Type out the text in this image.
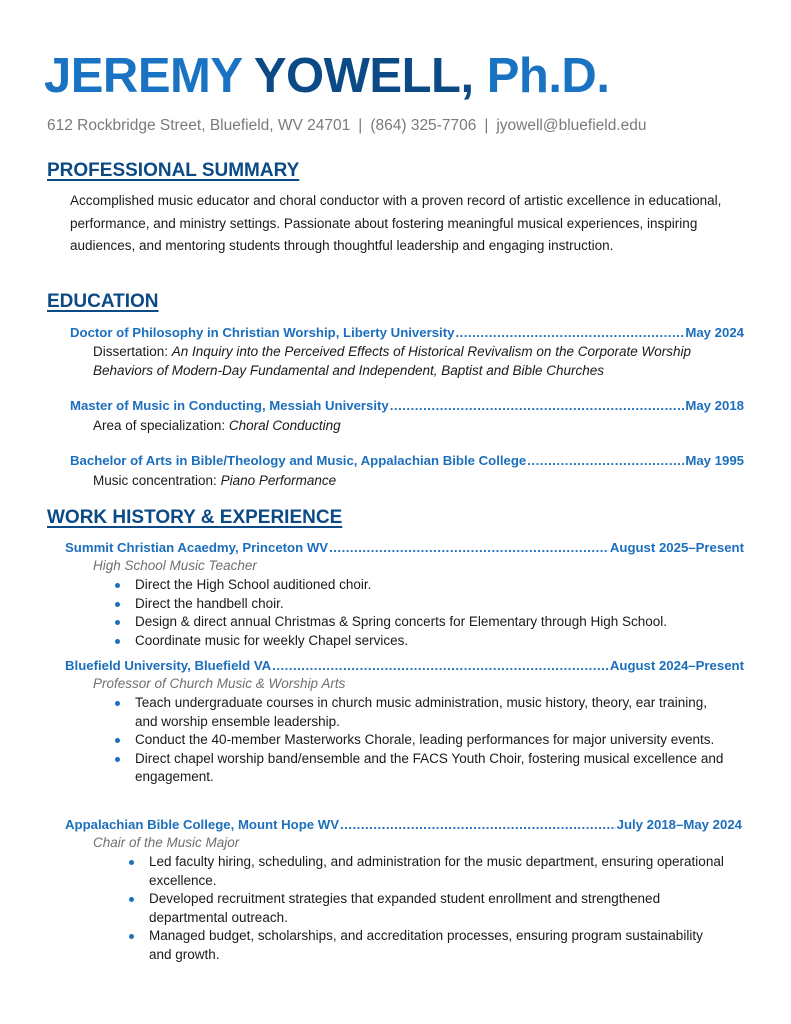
JEREMY YOWELL, Ph.D.
612 Rockbridge Street, Bluefield, WV 24701 | (864) 325-7706 | jyowell@bluefield.edu
PROFESSIONAL SUMMARY

Accomplished music educator and choral conductor with a proven record of artistic excellence in educational, performance, and ministry settings. Passionate about fostering meaningful musical experiences, inspiring audiences, and mentoring students through thoughtful leadership and engaging instruction.

EDUCATION
Doctor of Philosophy in Christian Worship, Liberty University .....	May 2024

Dissertation: An Inquiry into the Perceived Effects of Historical Revivalism on the Corporate Worship Behaviors of Modern-Day Fundamental and Independent, Baptist and Bible Churches

Master of Music in Conducting, Messiah University .....	May 2018

Area of specialization: Choral Conducting

Bachelor of Arts in Bible/Theology and Music, Appalachian Bible College .....	May 1995

Music concentration: Piano Performance

WORK HISTORY & EXPERIENCE
Summit Christian Acaedmy, Princeton WV .....	August 2025–Present
High School Music Teacher
Direct the High School auditioned choir.
Direct the handbell choir.
Design & direct annual Christmas & Spring concerts for Elementary through High School.
Coordinate music for weekly Chapel services.
Bluefield University, Bluefield VA .....	August 2024–Present
Professor of Church Music & Worship Arts
Teach undergraduate courses in church music administration, music history, theory, ear training, and worship ensemble leadership.
Conduct the 40-member Masterworks Chorale, leading performances for major university events.
Direct chapel worship band/ensemble and the FACS Youth Choir, fostering musical excellence and engagement.
Appalachian Bible College, Mount Hope WV .....	July 2018–May 2024
Chair of the Music Major
Led faculty hiring, scheduling, and administration for the music department, ensuring operational excellence.
Developed recruitment strategies that expanded student enrollment and strengthened departmental outreach.
Managed budget, scholarships, and accreditation processes, ensuring program sustainability and growth.
